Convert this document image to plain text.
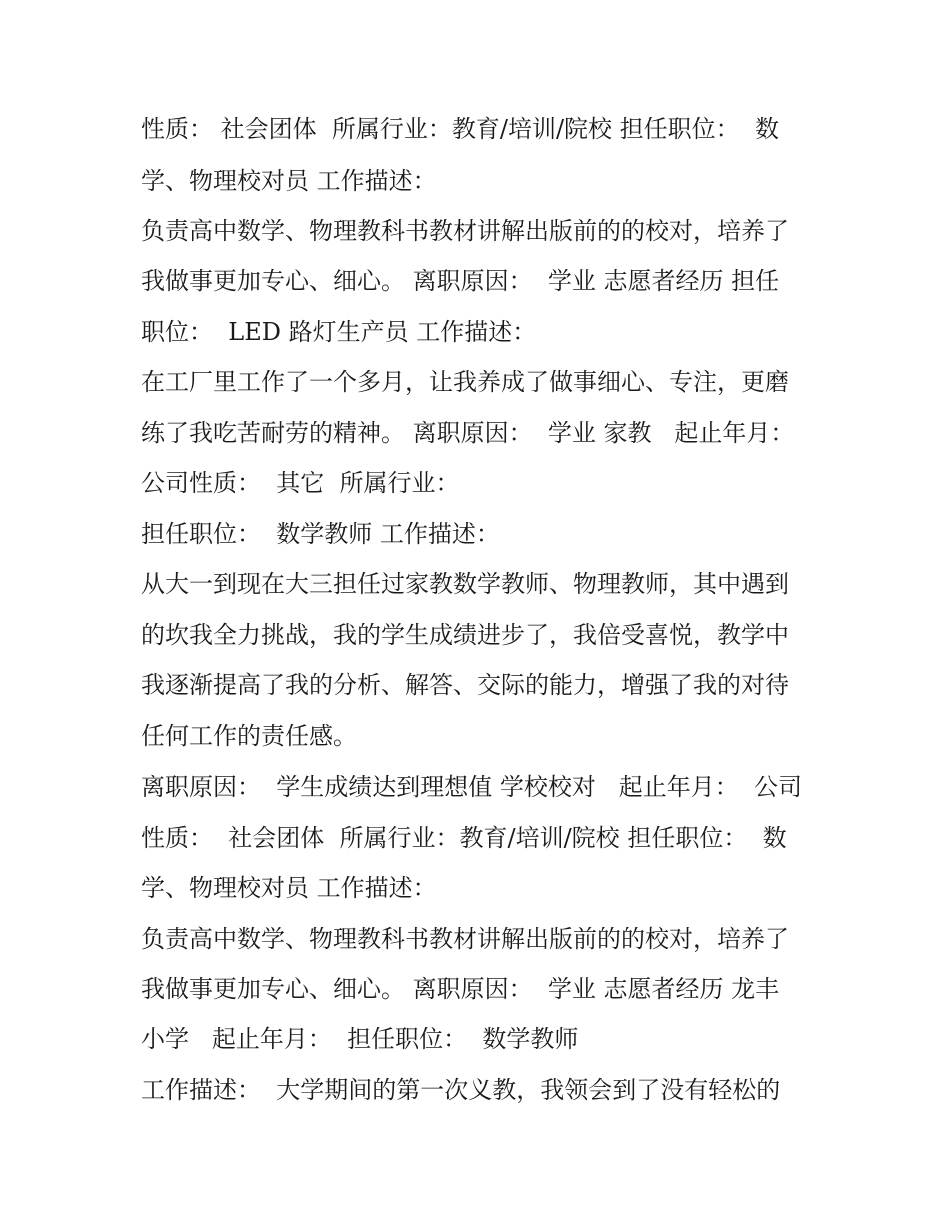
性质： 社会团体  所属行业：教育/培训/院校 担任职位：  数

学、物理校对员 工作描述：

负责高中数学、物理教科书教材讲解出版前的的校对，培养了

我做事更加专心、细心。 离职原因：  学业 志愿者经历 担任

职位：  LED 路灯生产员 工作描述：

在工厂里工作了一个多月，让我养成了做事细心、专注，更磨

练了我吃苦耐劳的精神。 离职原因：  学业 家教   起止年月：

公司性质：  其它  所属行业：

担任职位：  数学教师 工作描述：

从大一到现在大三担任过家教数学教师、物理教师，其中遇到

的坎我全力挑战，我的学生成绩进步了，我倍受喜悦，教学中

我逐渐提高了我的分析、解答、交际的能力，增强了我的对待

任何工作的责任感。

离职原因：  学生成绩达到理想值 学校校对   起止年月：  公司

性质：  社会团体  所属行业：教育/培训/院校 担任职位：  数

学、物理校对员 工作描述：

负责高中数学、物理教科书教材讲解出版前的的校对，培养了

我做事更加专心、细心。 离职原因：  学业 志愿者经历 龙丰

小学   起止年月：  担任职位：  数学教师

工作描述：  大学期间的第一次义教，我领会到了没有轻松的
